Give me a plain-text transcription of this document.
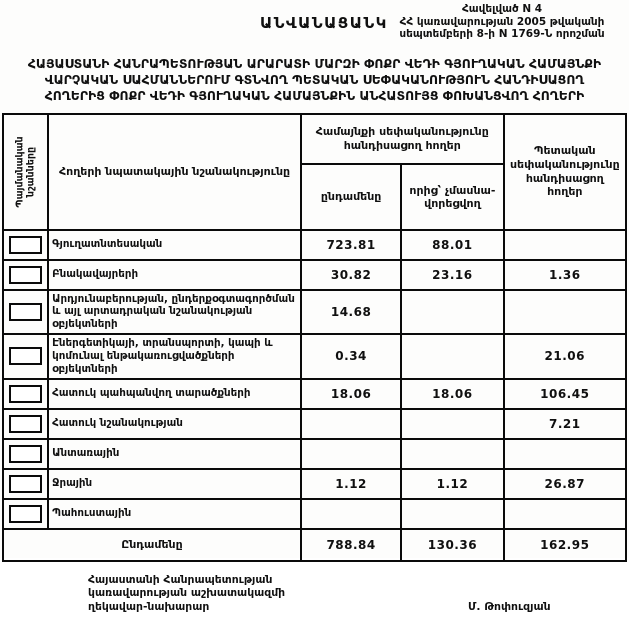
ԱՆՎԱՆԱՑԱՆԿ
Հավելված N 4
ՀՀ կառավարության 2005 թվականի
սեպտեմբերի 8-ի N 1769-Ն որոշման
ՀԱՅԱՍՏԱՆԻ ՀԱՆՐԱՊԵՏՈՒԹՅԱՆ ԱՐԱՐԱՏԻ ՄԱՐԶԻ ՓՈՔՐ ՎԵԴԻ ԳՅՈՒՂԱԿԱՆ ՀԱՄԱՅՆՔԻ
ՎԱՐՉԱԿԱՆ ՍԱՀՄԱՆՆԵՐՈՒՄ ԳՏՆՎՈՂ ՊԵՏԱԿԱՆ ՍԵՓԱԿԱՆՈՒԹՅՈՒՆ ՀԱՆԴԻՍԱՑՈՂ
ՀՈՂԵՐԻՑ ՓՈՔՐ ՎԵԴԻ ԳՅՈՒՂԱԿԱՆ ՀԱՄԱՅՆՔԻՆ ԱՆՀԱՏՈՒՅՑ ՓՈԽԱՆՑՎՈՂ ՀՈՂԵՐԻ
Պայմանական նշանները	Հողերի նպատակային նշանակությունը	Համայնքի սեփականությունը հանդիսացող հողեր		Պետական սեփականությունը հանդիսացող հողեր
		ընդամենը	որից՝ չմասնա-վորեցվող	

	Գյուղատնտեսական	723.81	88.01	

	Բնակավայրերի	30.82	23.16	1.36

	Արդյունաբերության, ընդերքօգտագործման և այլ արտադրական նշանակության օբյեկտների	14.68		

	Էներգետիկայի, տրանսպորտի, կապի և կոմունալ ենթակառուցվածքների օբյեկտների	0.34		21.06

	Հատուկ պահպանվող տարածքների	18.06	18.06	106.45

	Հատուկ նշանակության			7.21

	Անտառային			

	Ջրային	1.12	1.12	26.87

	Պահուստային			
Ընդամենը		788.84	130.36	162.95
Հայաստանի Հանրապետության
կառավարության աշխատակազմի
ղեկավար-նախարար	Մ. Թոփուզյան
